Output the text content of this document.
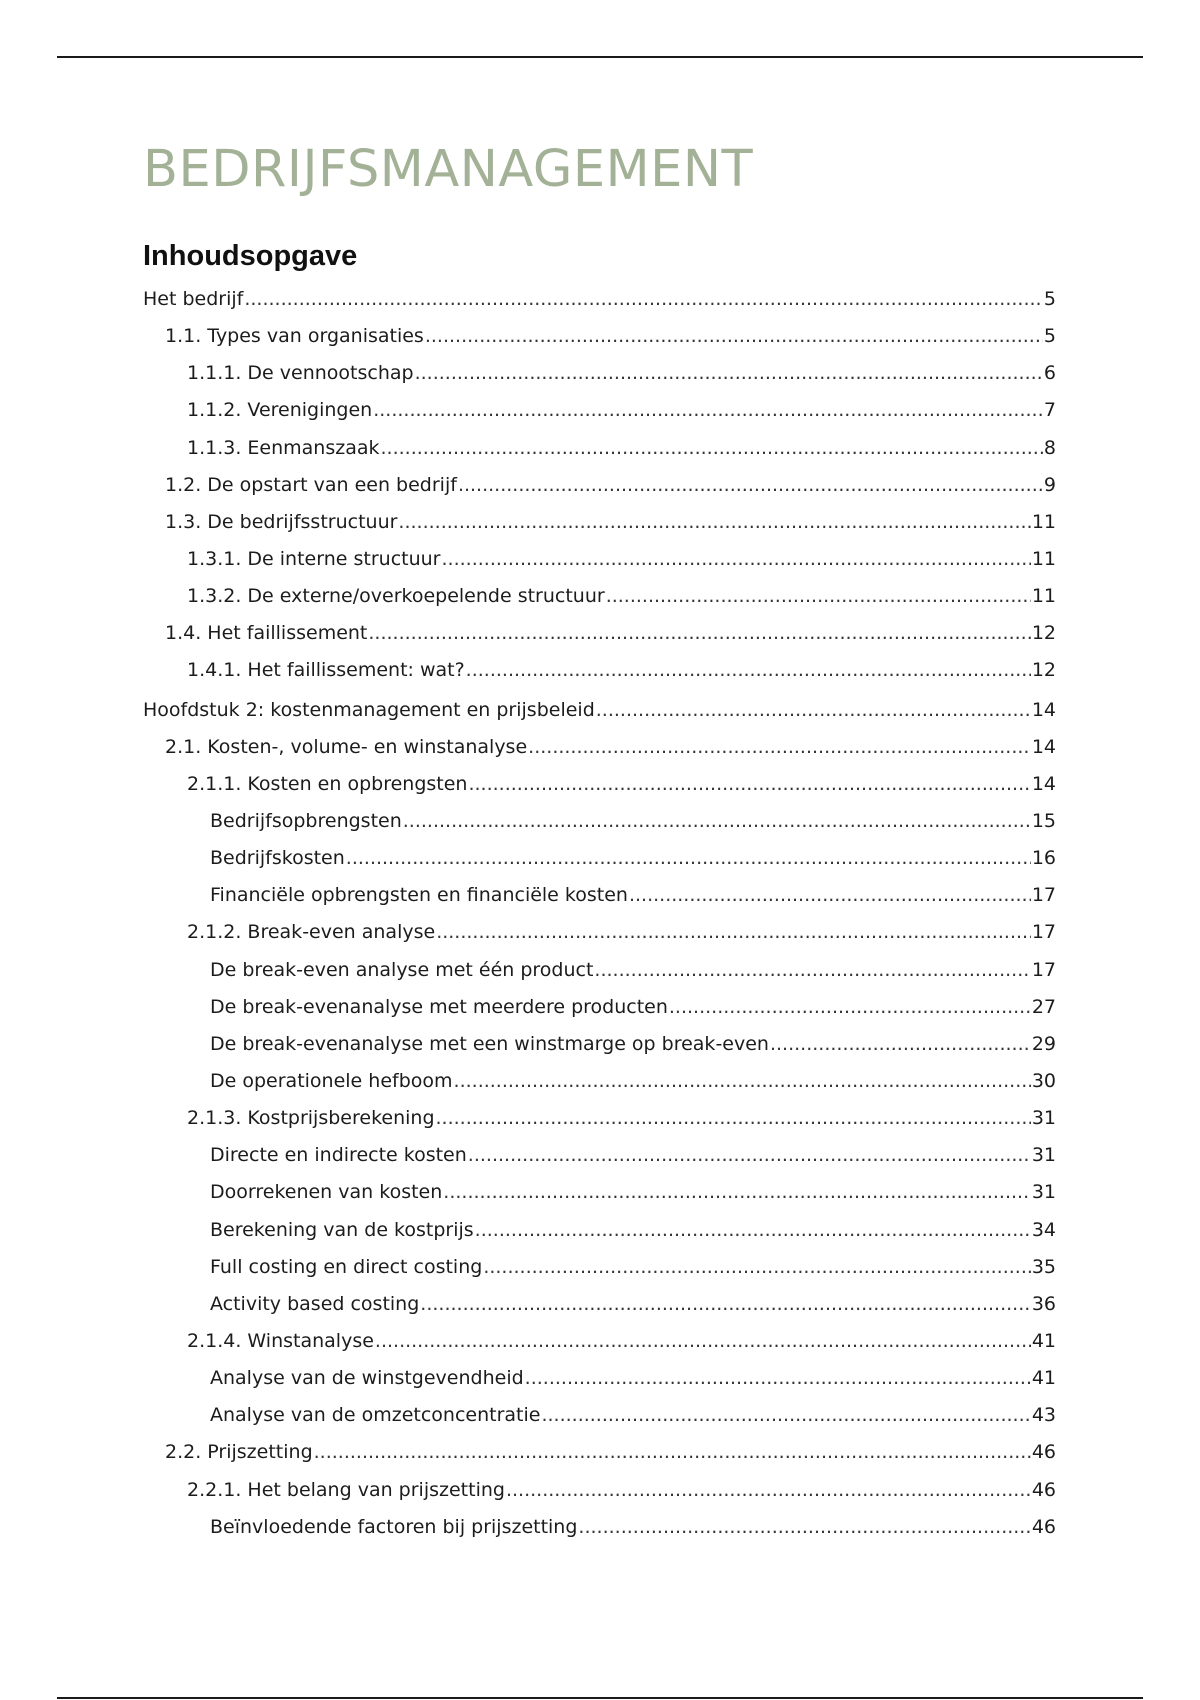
BEDRIJFSMANAGEMENT
Inhoudsopgave
Het bedrijf .....	5
1.1. Types van organisaties .....	5
1.1.1. De vennootschap .....	6
1.1.2. Verenigingen .....	7
1.1.3. Eenmanszaak .....	8
1.2. De opstart van een bedrijf .....	9
1.3. De bedrijfsstructuur .....	11
1.3.1. De interne structuur .....	11
1.3.2. De externe/overkoepelende structuur .....	11
1.4. Het faillissement .....	12
1.4.1. Het faillissement: wat? .....	12
Hoofdstuk 2: kostenmanagement en prijsbeleid .....	14
2.1. Kosten-, volume- en winstanalyse .....	14
2.1.1. Kosten en opbrengsten .....	14
Bedrijfsopbrengsten .....	15
Bedrijfskosten .....	16
Financiële opbrengsten en financiële kosten .....	17
2.1.2. Break-even analyse .....	17
De break-even analyse met één product .....	17
De break-evenanalyse met meerdere producten .....	27
De break-evenanalyse met een winstmarge op break-even .....	29
De operationele hefboom .....	30
2.1.3. Kostprijsberekening .....	31
Directe en indirecte kosten .....	31
Doorrekenen van kosten .....	31
Berekening van de kostprijs .....	34
Full costing en direct costing .....	35
Activity based costing .....	36
2.1.4. Winstanalyse .....	41
Analyse van de winstgevendheid .....	41
Analyse van de omzetconcentratie .....	43
2.2. Prijszetting .....	46
2.2.1. Het belang van prijszetting .....	46
Beïnvloedende factoren bij prijszetting .....	46
